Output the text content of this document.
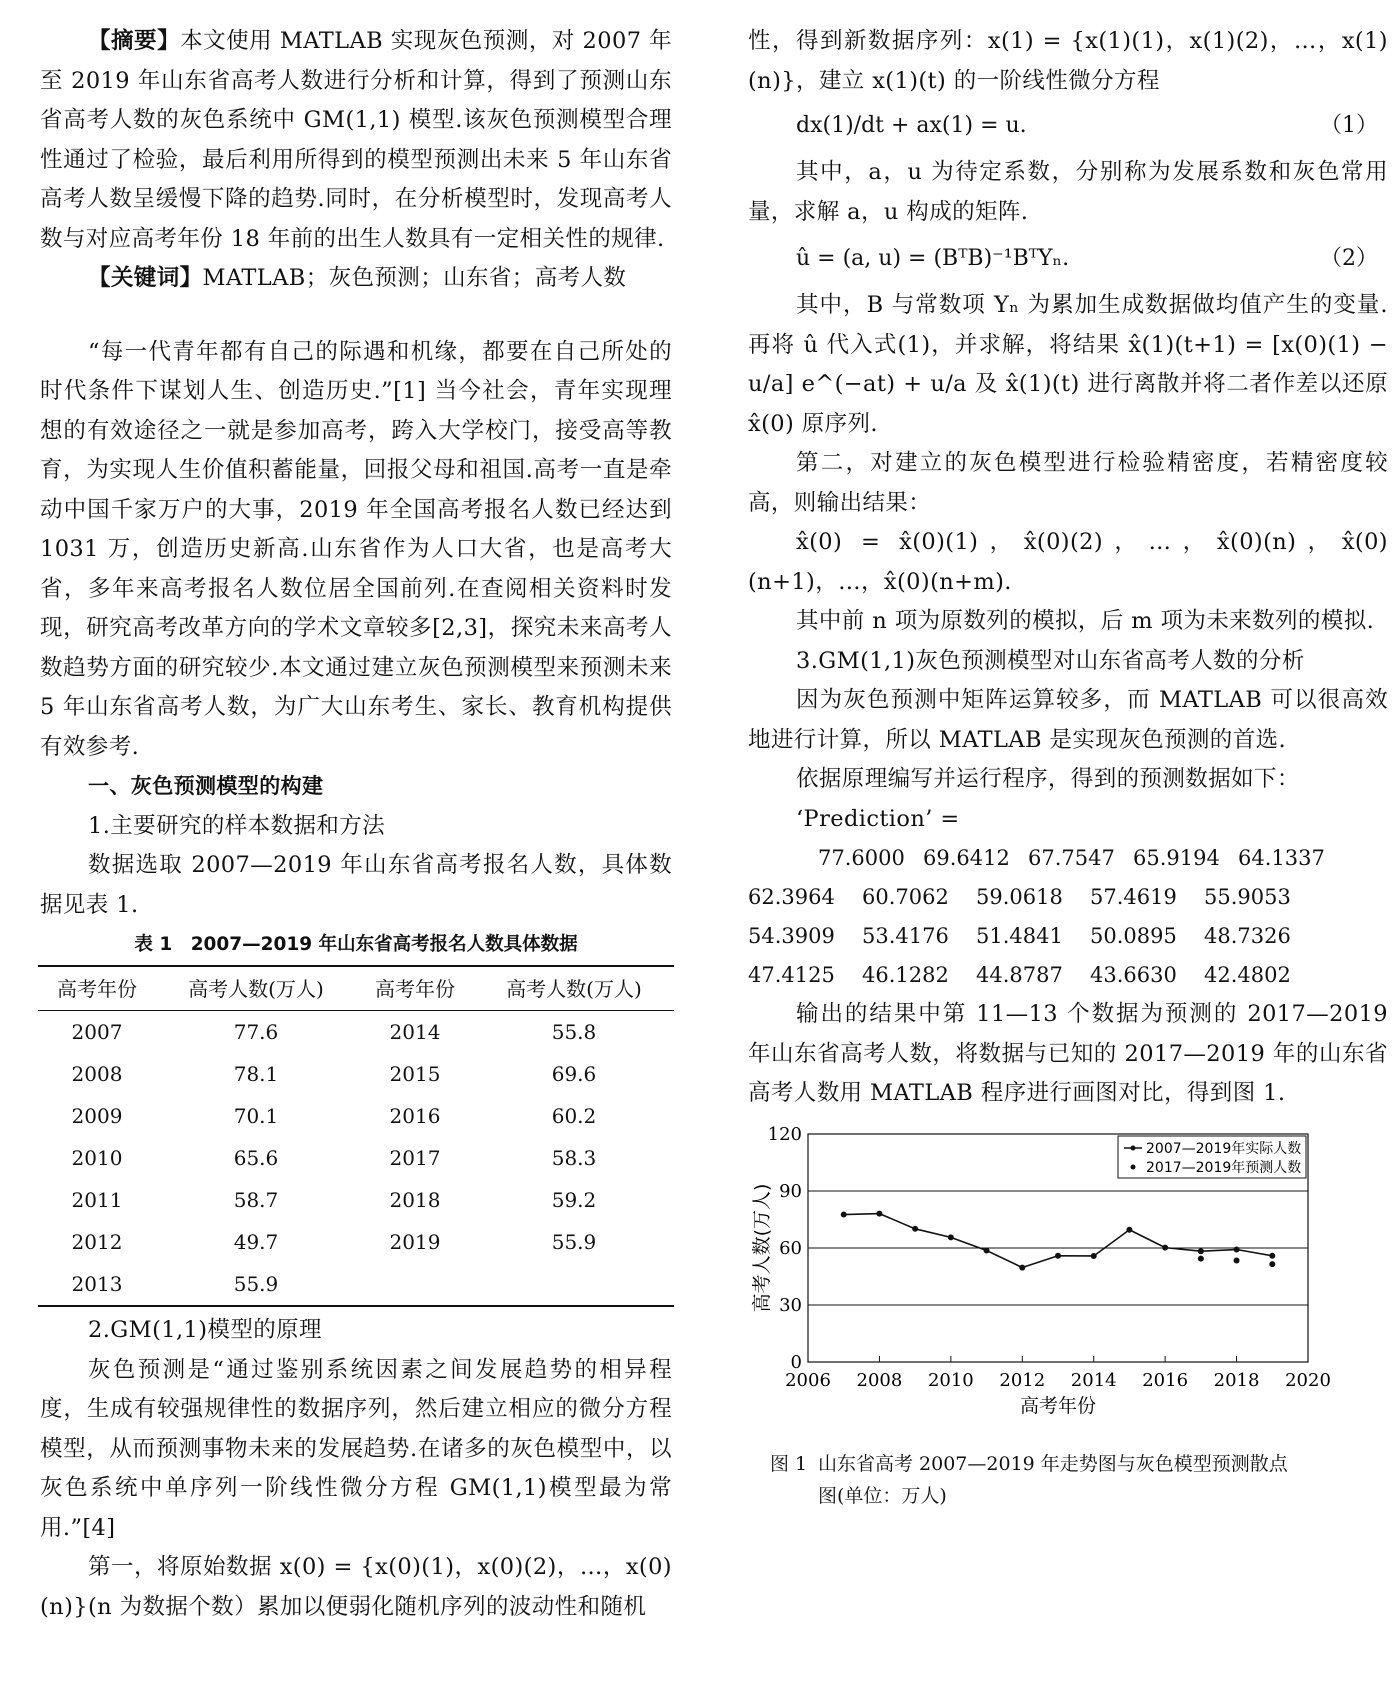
【摘要】本文使用 MATLAB 实现灰色预测，对 2007 年至 2019 年山东省高考人数进行分析和计算，得到了预测山东省高考人数的灰色系统中 GM(1,1) 模型.该灰色预测模型合理性通过了检验，最后利用所得到的模型预测出未来 5 年山东省高考人数呈缓慢下降的趋势.同时，在分析模型时，发现高考人数与对应高考年份 18 年前的出生人数具有一定相关性的规律.

【关键词】MATLAB；灰色预测；山东省；高考人数

“每一代青年都有自己的际遇和机缘，都要在自己所处的时代条件下谋划人生、创造历史.”[1] 当今社会，青年实现理想的有效途径之一就是参加高考，跨入大学校门，接受高等教育，为实现人生价值积蓄能量，回报父母和祖国.高考一直是牵动中国千家万户的大事，2019 年全国高考报名人数已经达到 1031 万，创造历史新高.山东省作为人口大省，也是高考大省，多年来高考报名人数位居全国前列.在查阅相关资料时发现，研究高考改革方向的学术文章较多[2,3]，探究未来高考人数趋势方面的研究较少.本文通过建立灰色预测模型来预测未来 5 年山东省高考人数，为广大山东考生、家长、教育机构提供有效参考.

一、灰色预测模型的构建

1.主要研究的样本数据和方法

数据选取 2007—2019 年山东省高考报名人数，具体数据见表 1.

表 1　2007—2019 年山东省高考报名人数具体数据
高考年份	高考人数(万人)	高考年份	高考人数(万人)
2007	77.6	2014	55.8
2008	78.1	2015	69.6
2009	70.1	2016	60.2
2010	65.6	2017	58.3
2011	58.7	2018	59.2
2012	49.7	2019	55.9
2013	55.9		

2.GM(1,1)模型的原理

灰色预测是“通过鉴别系统因素之间发展趋势的相异程度，生成有较强规律性的数据序列，然后建立相应的微分方程模型，从而预测事物未来的发展趋势.在诸多的灰色模型中，以灰色系统中单序列一阶线性微分方程 GM(1,1)模型最为常用.”[4]

第一，将原始数据 x(0) = {x(0)(1)，x(0)(2)，…，x(0)(n)}(n 为数据个数）累加以便弱化随机序列的波动性和随机

性，得到新数据序列：x(1) = {x(1)(1)，x(1)(2)，…，x(1)(n)}，建立 x(1)(t) 的一阶线性微分方程

dx(1)/dt + ax(1) = u.	（1）

其中，a，u 为待定系数，分别称为发展系数和灰色常用量，求解 a，u 构成的矩阵.

û = (a, u) = (BᵀB)⁻¹BᵀYₙ.	（2）

其中，B 与常数项 Yₙ 为累加生成数据做均值产生的变量.再将 û 代入式(1)，并求解，将结果 x̂(1)(t+1) = [x(0)(1) − u/a] e^(−at) + u/a 及 x̂(1)(t) 进行离散并将二者作差以还原 x̂(0) 原序列.

第二，对建立的灰色模型进行检验精密度，若精密度较高，则输出结果：

x̂(0) = x̂(0)(1)，x̂(0)(2)，…，x̂(0)(n)，x̂(0)(n+1)，…，x̂(0)(n+m).

其中前 n 项为原数列的模拟，后 m 项为未来数列的模拟.

3.GM(1,1)灰色预测模型对山东省高考人数的分析

因为灰色预测中矩阵运算较多，而 MATLAB 可以很高效地进行计算，所以 MATLAB 是实现灰色预测的首选.

依据原理编写并运行程序，得到的预测数据如下：

‘Prediction’ =

77.6000 69.6412 67.7547 65.9194 64.1337
62.3964 60.7062 59.0618 57.4619 55.9053
54.3909 53.4176 51.4841 50.0895 48.7326
47.4125 46.1282 44.8787 43.6630 42.4802

输出的结果中第 11—13 个数据为预测的 2017—2019 年山东省高考人数，将数据与已知的 2017—2019 年的山东省高考人数用 MATLAB 程序进行画图对比，得到图 1.

0
30
60
90
120
2006 2008 2010 2012 2014 2016 2018 2020
高考年份
高考人数(万人)
2007—2019年实际人数
2017—2019年预测人数
图 1 山东省高考 2007—2019 年走势图与灰色模型预测散点
图(单位：万人)
